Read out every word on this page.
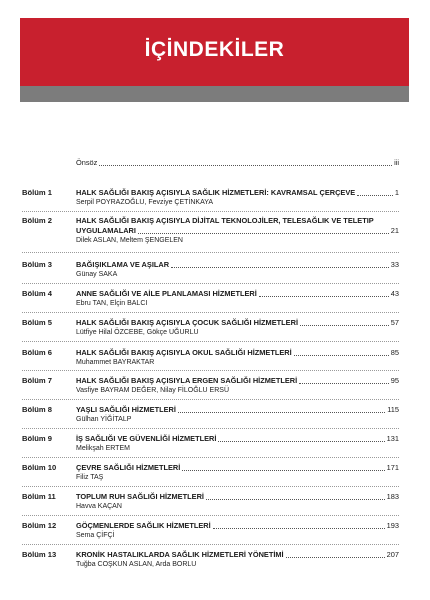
İÇİNDEKİLER
Önsöz	iii
Bölüm 1	HALK SAĞLIĞI BAKIŞ AÇISIYLA SAĞLIK HİZMETLERİ: KAVRAMSAL ÇERÇEVE	1
Serpil POYRAZOĞLU, Fevziye ÇETİNKAYA
Bölüm 2	HALK SAĞLIĞI BAKIŞ AÇISIYLA DİJİTAL TEKNOLOJİLER, TELESAĞLIK VE TELETIP
UYGULAMALARI	21
Dilek ASLAN, Meltem ŞENGELEN
Bölüm 3	BAĞIŞIKLAMA VE AŞILAR	33
Günay SAKA
Bölüm 4	ANNE SAĞLIĞI VE AİLE PLANLAMASI HİZMETLERİ	43
Ebru TAN, Elçin BALCI
Bölüm 5	HALK SAĞLIĞI BAKIŞ AÇISIYLA ÇOCUK SAĞLIĞI HİZMETLERİ	57
Lütfiye Hilal ÖZCEBE, Gökçe UĞURLU
Bölüm 6	HALK SAĞLIĞI BAKIŞ AÇISIYLA OKUL SAĞLIĞI HİZMETLERİ	85
Muhammet BAYRAKTAR
Bölüm 7	HALK SAĞLIĞI BAKIŞ AÇISIYLA ERGEN SAĞLIĞI HİZMETLERİ	95
Vasfiye BAYRAM DEĞER, Nilay FİLOĞLU ERSÜ
Bölüm 8	YAŞLI SAĞLIĞI HİZMETLERİ	115
Gülhan YİĞİTALP
Bölüm 9	İŞ SAĞLIĞI VE GÜVENLİĞİ HİZMETLERİ	131
Melikşah ERTEM
Bölüm 10	ÇEVRE SAĞLIĞI HİZMETLERİ	171
Filiz TAŞ
Bölüm 11	TOPLUM RUH SAĞLIĞI HİZMETLERİ	183
Havva KAÇAN
Bölüm 12	GÖÇMENLERDE SAĞLIK HİZMETLERİ	193
Sema ÇİFÇİ
Bölüm 13	KRONİK HASTALIKLARDA SAĞLIK HİZMETLERİ YÖNETİMİ	207
Tuğba COŞKUN ASLAN, Arda BORLU
